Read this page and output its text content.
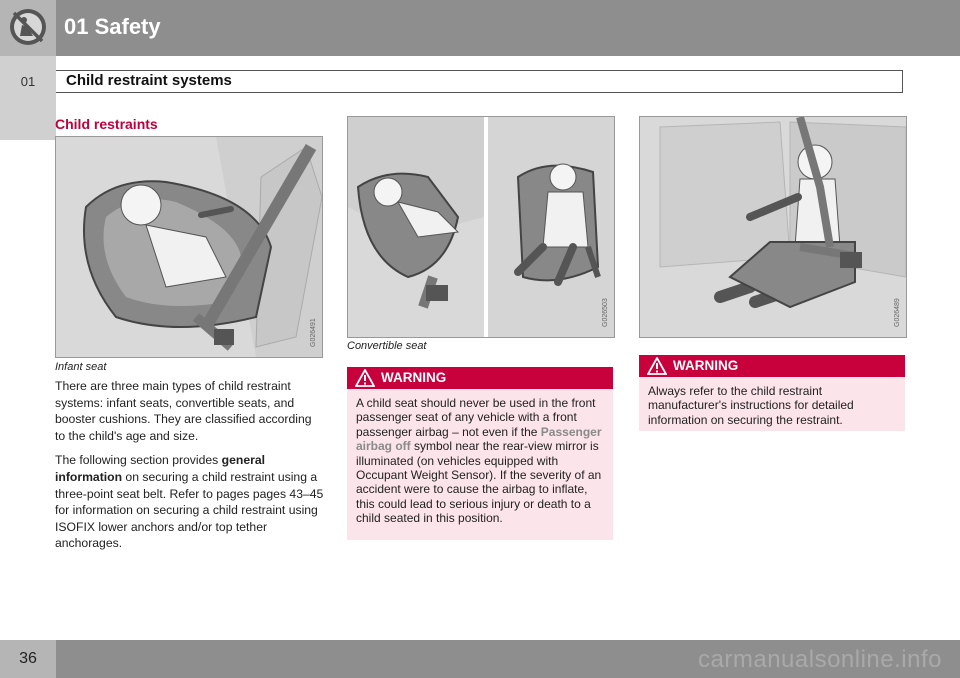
01 Safety
01	Child restraint systems
Child restraints
G026491
Infant seat

There are three main types of child restraint systems: infant seats, convertible seats, and booster cushions. They are classified according to the child's age and size.

The following section provides general information on securing a child restraint using a three-point seat belt. Refer to pages pages 43–45 for information on securing a child restraint using ISOFIX lower anchors and/or top tether anchorages.

G026503
Convertible seat
WARNING
A child seat should never be used in the front passenger seat of any vehicle with a front passenger airbag – not even if the Passenger airbag off symbol near the rear-view mirror is illuminated (on vehicles equipped with Occupant Weight Sensor). If the severity of an accident were to cause the airbag to inflate, this could lead to serious injury or death to a child seated in this position.
G026489
WARNING
Always refer to the child restraint manufacturer's instructions for detailed information on securing the restraint.
36	carmanualsonline.info
